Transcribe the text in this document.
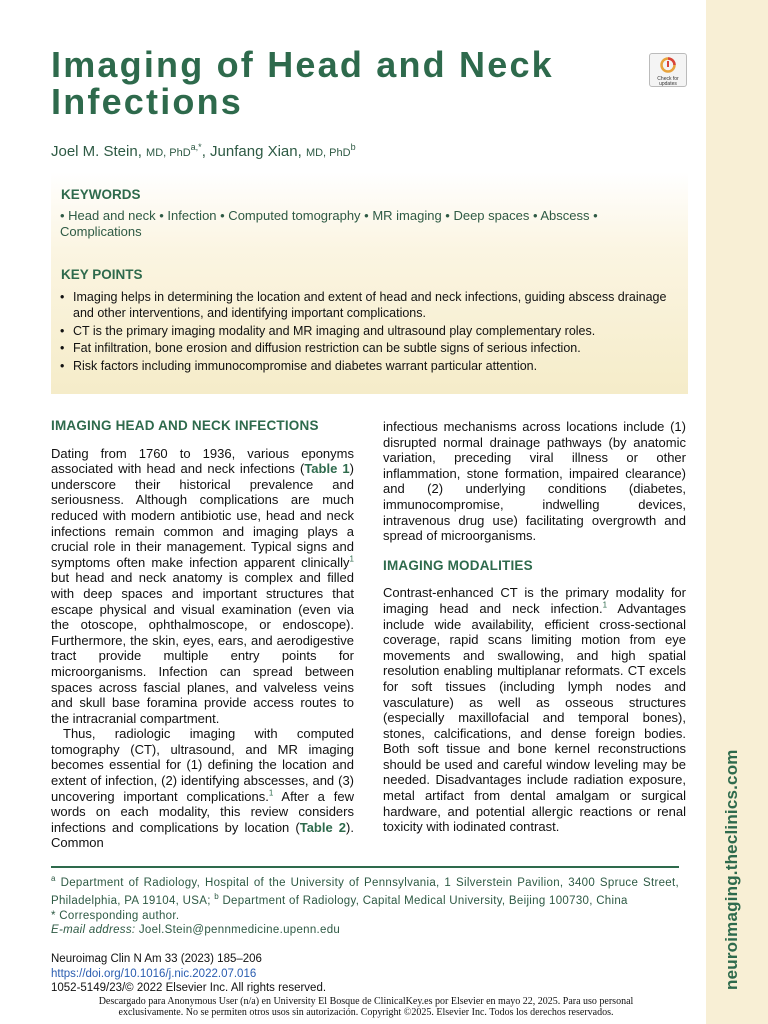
neuroimaging.theclinics.com
Imaging of Head and Neck
Infections
Check for
updates
Joel M. Stein, MD, PhD$^{a,*}$, Junfang Xian, MD, PhD$^b$
KEYWORDS
• Head and neck • Infection • Computed tomography • MR imaging • Deep spaces • Abscess • Complications
KEY POINTS
• Imaging helps in determining the location and extent of head and neck infections, guiding abscess drainage and other interventions, and identifying important complications.
• CT is the primary imaging modality and MR imaging and ultrasound play complementary roles.
• Fat infiltration, bone erosion and diffusion restriction can be subtle signs of serious infection.
• Risk factors including immunocompromise and diabetes warrant particular attention.
IMAGING HEAD AND NECK INFECTIONS

Dating from 1760 to 1936, various eponyms associated with head and neck infections (Table 1) underscore their historical prevalence and seriousness. Although complications are much reduced with modern antibiotic use, head and neck infections remain common and imaging plays a crucial role in their management. Typical signs and symptoms often make infection apparent clinically$^1$ but head and neck anatomy is complex and filled with deep spaces and important structures that escape physical and visual examination (even via the otoscope, ophthalmoscope, or endoscope). Furthermore, the skin, eyes, ears, and aerodigestive tract provide multiple entry points for microorganisms. Infection can spread between spaces across fascial planes, and valveless veins and skull base foramina provide access routes to the intracranial compartment.

Thus, radiologic imaging with computed tomography (CT), ultrasound, and MR imaging becomes essential for (1) defining the location and extent of infection, (2) identifying abscesses, and (3) uncovering important complications.$^1$ After a few words on each modality, this review considers infections and complications by location (Table 2). Common

infectious mechanisms across locations include (1) disrupted normal drainage pathways (by anatomic variation, preceding viral illness or other inflammation, stone formation, impaired clearance) and (2) underlying conditions (diabetes, immunocompromise, indwelling devices, intravenous drug use) facilitating overgrowth and spread of microorganisms.

IMAGING MODALITIES

Contrast-enhanced CT is the primary modality for imaging head and neck infection.$^1$ Advantages include wide availability, efficient cross-sectional coverage, rapid scans limiting motion from eye movements and swallowing, and high spatial resolution enabling multiplanar reformats. CT excels for soft tissues (including lymph nodes and vasculature) as well as osseous structures (especially maxillofacial and temporal bones), stones, calcifications, and dense foreign bodies. Both soft tissue and bone kernel reconstructions should be used and careful window leveling may be needed. Disadvantages include radiation exposure, metal artifact from dental amalgam or surgical hardware, and potential allergic reactions or renal toxicity with iodinated contrast.

$^a$ Department of Radiology, Hospital of the University of Pennsylvania, 1 Silverstein Pavilion, 3400 Spruce Street, Philadelphia, PA 19104, USA; $^b$ Department of Radiology, Capital Medical University, Beijing 100730, China
* Corresponding author.
E-mail address: Joel.Stein@pennmedicine.upenn.edu
Neuroimag Clin N Am 33 (2023) 185–206
https://doi.org/10.1016/j.nic.2022.07.016
1052-5149/23/© 2022 Elsevier Inc. All rights reserved.
Descargado para Anonymous User (n/a) en University El Bosque de ClinicalKey.es por Elsevier en mayo 22, 2025. Para uso personal
exclusivamente. No se permiten otros usos sin autorización. Copyright ©2025. Elsevier Inc. Todos los derechos reservados.
